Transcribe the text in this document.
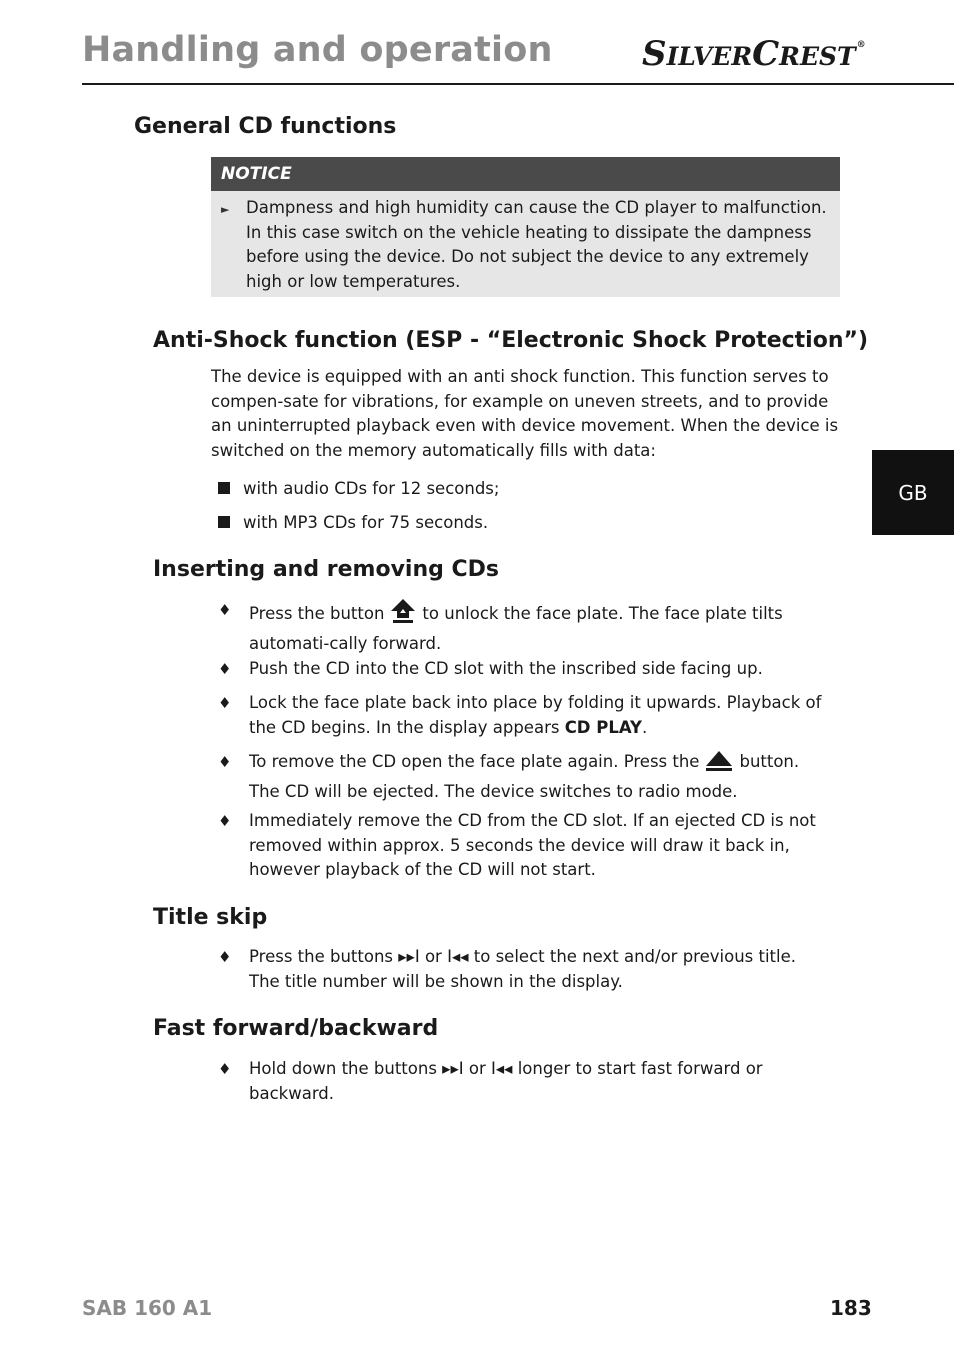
Handling and operation	SILVERCREST®
GB
General CD functions
NOTICE
► Dampness and high humidity can cause the CD player to malfunction. In this case switch on the vehicle heating to dissipate the dampness before using the device. Do not subject the device to any extremely high or low temperatures.
Anti-Shock function (ESP - “Electronic Shock Protection”)

The device is equipped with an anti shock function. This function serves to compen-sate for vibrations, for example on uneven streets, and to provide an uninterrupted playback even with device movement. When the device is switched on the memory automatically fills with data:

with audio CDs for 12 seconds;

with MP3 CDs for 75 seconds.

Inserting and removing CDs
♦ Press the button to unlock the face plate. The face plate tilts automati-cally forward.

♦ Push the CD into the CD slot with the inscribed side facing up.

♦ Lock the face plate back into place by folding it upwards. Playback of the CD begins. In the display appears CD PLAY.

♦ To remove the CD open the face plate again. Press the button.
The CD will be ejected. The device switches to radio mode.

♦ Immediately remove the CD from the CD slot. If an ejected CD is not removed within approx. 5 seconds the device will draw it back in, however playback of the CD will not start.

Title skip
♦ Press the buttons ▸▸I or I◂◂ to select the next and/or previous title.
The title number will be shown in the display.

Fast forward/backward
♦ Hold down the buttons ▸▸I or I◂◂ longer to start fast forward or backward.

SAB 160 A1	183
